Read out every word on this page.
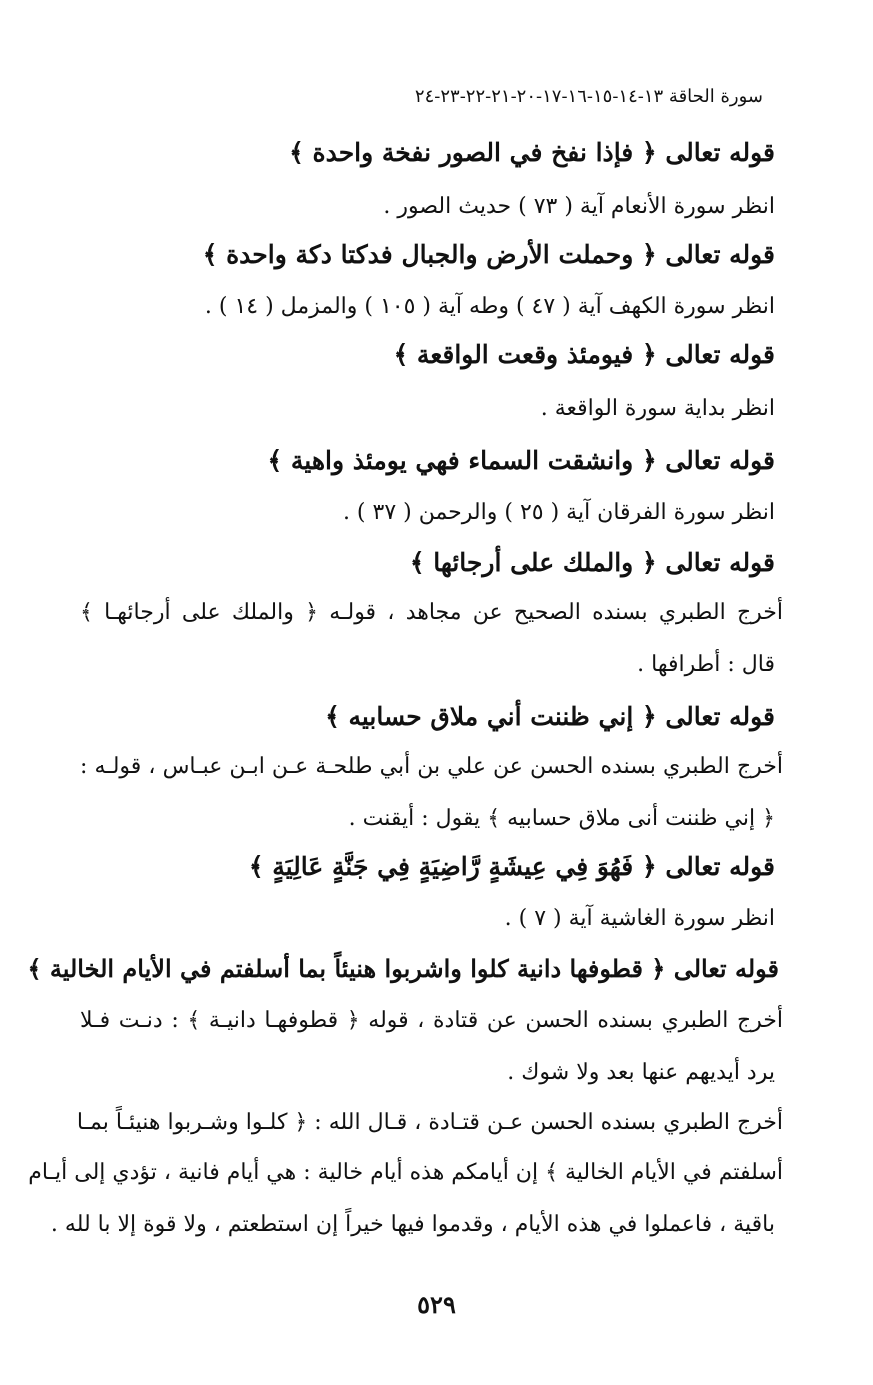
سورة الحاقة ١٣-١٤-١٥-١٦-١٧-٢٠-٢١-٢٢-٢٣-٢٤
قوله تعالى ﴿ فإذا نفخ في الصور نفخة واحدة ﴾
انظر سورة الأنعام آية ( ٧٣ ) حديث الصور .
قوله تعالى ﴿ وحملت الأرض والجبال فدكتا دكة واحدة ﴾
انظر سورة الكهف آية ( ٤٧ ) وطه آية ( ١٠٥ ) والمزمل ( ١٤ ) .
قوله تعالى ﴿ فيومئذ وقعت الواقعة ﴾
انظر بداية سورة الواقعة .
قوله تعالى ﴿ وانشقت السماء فهي يومئذ واهية ﴾
انظر سورة الفرقان آية ( ٢٥ ) والرحمن ( ٣٧ ) .
قوله تعالى ﴿ والملك على أرجائها ﴾
أخرج الطبري بسنده الصحيح عن مجاهد ، قولـه ﴿ والملك على أرجائهـا ﴾
قال : أطرافها .
قوله تعالى ﴿ إني ظننت أني ملاق حسابيه ﴾
أخرج الطبري بسنده الحسن عن علي بن أبي طلحـة عـن ابـن عبـاس ، قولـه :
﴿ إني ظننت أنى ملاق حسابيه ﴾ يقول : أيقنت .
قوله تعالى ﴿ فَهُوَ فِي عِيشَةٍ رَّاضِيَةٍ فِي جَنَّةٍ عَالِيَةٍ ﴾
انظر سورة الغاشية آية ( ٧ ) .
قوله تعالى ﴿ قطوفها دانية كلوا واشربوا هنيئاً بما أسلفتم في الأيام الخالية ﴾
أخرج الطبري بسنده الحسن عن قتادة ، قوله ﴿ قطوفهـا دانيـة ﴾ : دنـت فـلا
يرد أيديهم عنها بعد ولا شوك .
أخرج الطبري بسنده الحسن عـن قتـادة ، قـال الله : ﴿ كلـوا وشـربوا هنيئـاً بمـا
أسلفتم في الأيام الخالية ﴾ إن أيامكم هذه أيام خالية : هي أيام فانية ، تؤدي إلى أيـام
باقية ، فاعملوا في هذه الأيام ، وقدموا فيها خيراً إن استطعتم ، ولا قوة إلا با لله .
٥٢٩
